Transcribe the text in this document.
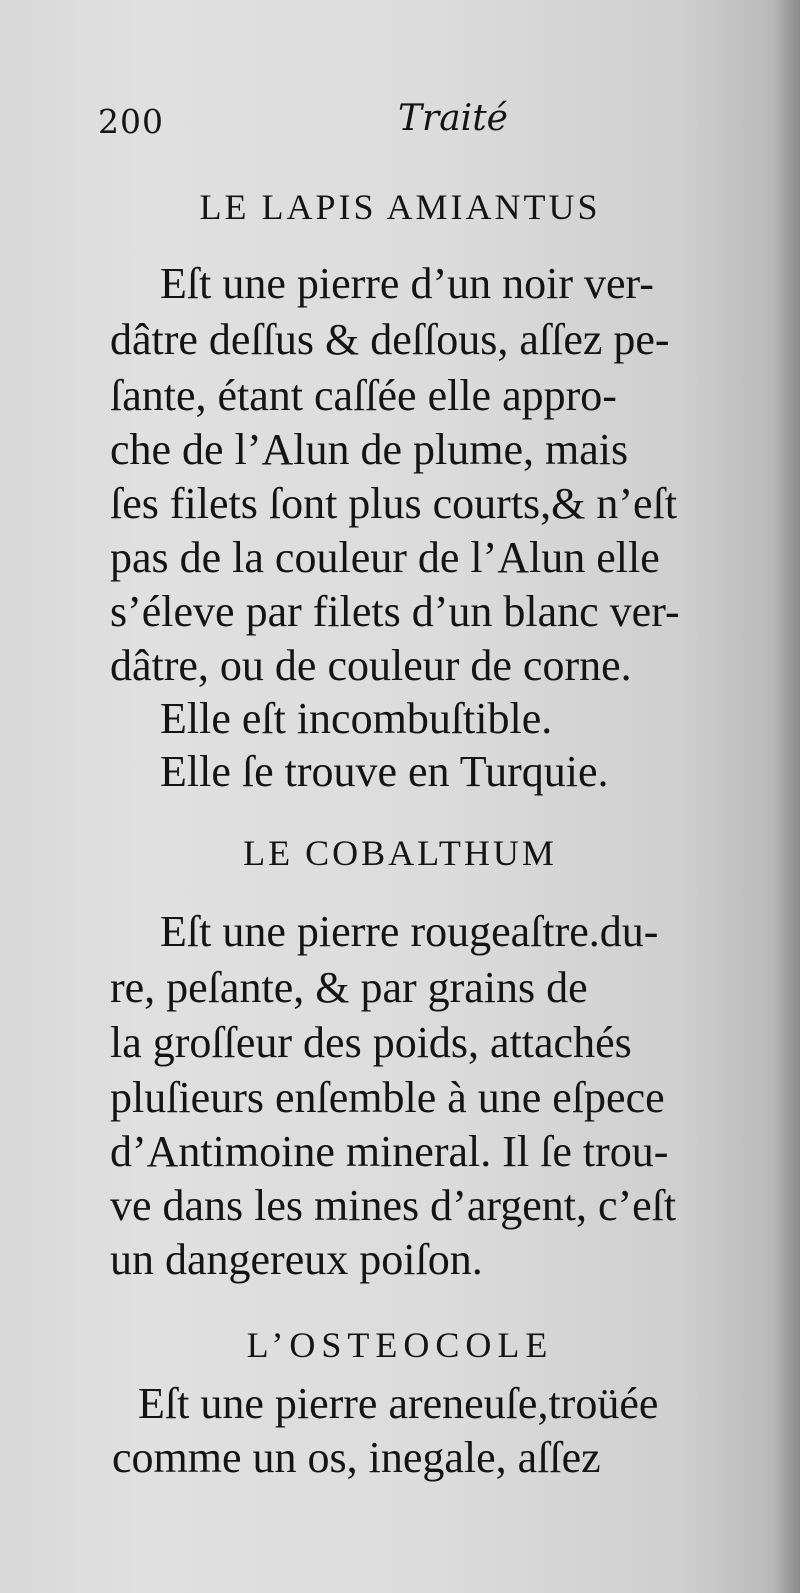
200	Traité
LE LAPIS AMIANTUS
Eſt une pierre d’un noir ver-
dâtre deſſus & deſſous, aſſez pe-
ſante, étant caſſée elle appro-
che de l’Alun de plume, mais
ſes filets ſont plus courts,& n’eſt
pas de la couleur de l’Alun elle
s’éleve par filets d’un blanc ver-
dâtre, ou de couleur de corne.
Elle eſt incombuſtible.
Elle ſe trouve en Turquie.
LE COBALTHUM
Eſt une pierre rougeaſtre.du-
re, peſante, & par grains de
la groſſeur des poids, attachés
pluſieurs enſemble à une eſpece
d’Antimoine mineral. Il ſe trou-
ve dans les mines d’argent, c’eſt
un dangereux poiſon.
L’OSTEOCOLE
Eſt une pierre areneuſe,troüée
comme un os, inegale, aſſez
